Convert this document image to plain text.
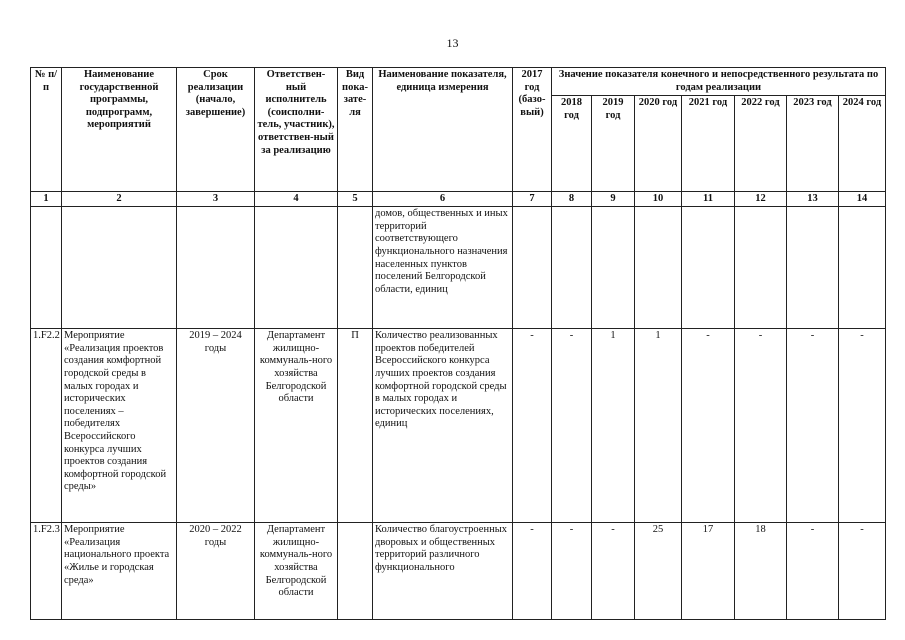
13
№ п/п	Наименование государственной программы, подпрограмм, мероприятий	Срок реализации (начало, завершение)	Ответствен-ный исполнитель (соисполни-тель, участник), ответствен-ный за реализацию	Вид пока-зате-ля	Наименование показателя, единица измерения	2017 год (базо-вый)	Значение показателя конечного и непосредственного результата по годам реализации						
							2018 год	2019 год	2020 год	2021 год	2022 год	2023 год	2024 год
1	2	3	4	5	6	7	8	9	10	11	12	13	14
					домов, общественных и иных территорий соответствующего функционального назначения населенных пунктов поселений Белгородской области, единиц								
1.F2.2	Мероприятие «Реализация проектов создания комфортной городской среды в малых городах и исторических поселениях – победителях Всероссийского конкурса лучших проектов создания комфортной городской среды»	2019 – 2024 годы	Департамент жилищно-коммуналь-ного хозяйства Белгородской области	П	Количество реализованных проектов победителей Всероссийского конкурса лучших проектов создания комфортной городской среды в малых городах и исторических поселениях, единиц	-	-	1	1	-	-	-	-
1.F2.3	Мероприятие «Реализация национального проекта «Жилье и городская среда»	2020 – 2022 годы	Департамент жилищно-коммуналь-ного хозяйства Белгородской области		Количество благоустроенных дворовых и общественных территорий различного функционального	-	-	-	25	17	18	-	-
